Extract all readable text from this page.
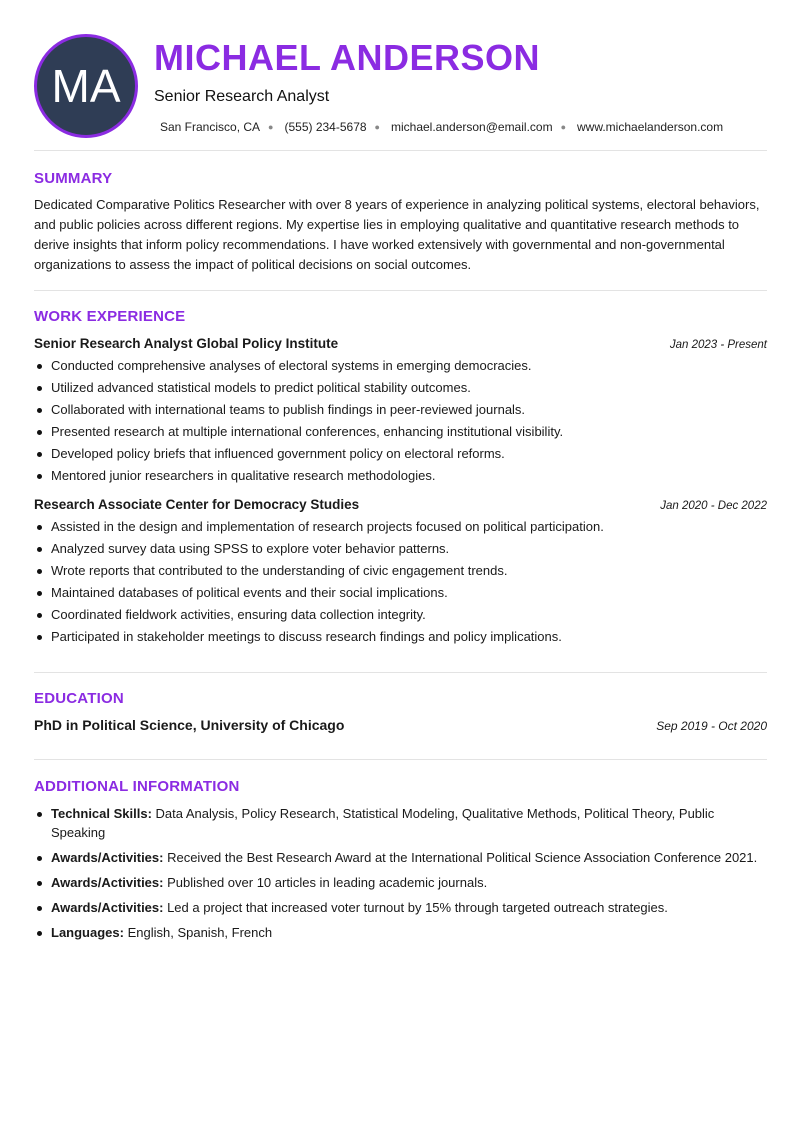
MA
MICHAEL ANDERSON
Senior Research Analyst
San Francisco, CA ● (555) 234-5678 ● michael.anderson@email.com ● www.michaelanderson.com
SUMMARY

Dedicated Comparative Politics Researcher with over 8 years of experience in analyzing political systems, electoral behaviors, and public policies across different regions. My expertise lies in employing qualitative and quantitative research methods to derive insights that inform policy recommendations. I have worked extensively with governmental and non-governmental organizations to assess the impact of political decisions on social outcomes.

WORK EXPERIENCE
Senior Research Analyst Global Policy Institute	Jan 2023 - Present
Conducted comprehensive analyses of electoral systems in emerging democracies.
Utilized advanced statistical models to predict political stability outcomes.
Collaborated with international teams to publish findings in peer-reviewed journals.
Presented research at multiple international conferences, enhancing institutional visibility.
Developed policy briefs that influenced government policy on electoral reforms.
Mentored junior researchers in qualitative research methodologies.
Research Associate Center for Democracy Studies	Jan 2020 - Dec 2022
Assisted in the design and implementation of research projects focused on political participation.
Analyzed survey data using SPSS to explore voter behavior patterns.
Wrote reports that contributed to the understanding of civic engagement trends.
Maintained databases of political events and their social implications.
Coordinated fieldwork activities, ensuring data collection integrity.
Participated in stakeholder meetings to discuss research findings and policy implications.
EDUCATION
PhD in Political Science, University of Chicago	Sep 2019 - Oct 2020
ADDITIONAL INFORMATION
Technical Skills: Data Analysis, Policy Research, Statistical Modeling, Qualitative Methods, Political Theory, Public Speaking
Awards/Activities: Received the Best Research Award at the International Political Science Association Conference 2021.
Awards/Activities: Published over 10 articles in leading academic journals.
Awards/Activities: Led a project that increased voter turnout by 15% through targeted outreach strategies.
Languages: English, Spanish, French
